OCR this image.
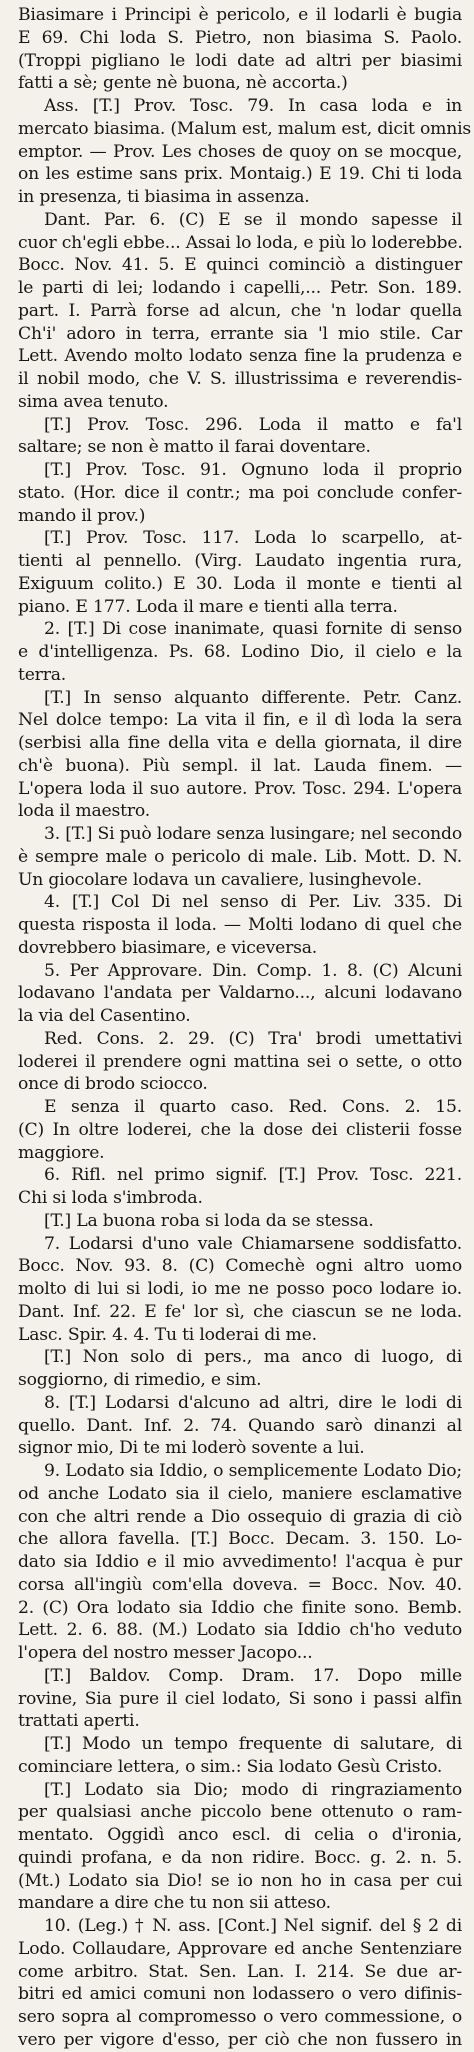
Biasimare i Principi è pericolo, e il lodarli è bugia
E 69. Chi loda S. Pietro, non biasima S. Paolo.
(Troppi pigliano le lodi date ad altri per biasimi
fatti a sè; gente nè buona, nè accorta.)
Ass. [T.] Prov. Tosc. 79. In casa loda e in
mercato biasima. (Malum est, malum est, dicit omnis
emptor. — Prov. Les choses de quoy on se mocque,
on les estime sans prix. Montaig.) E 19. Chi ti loda
in presenza, ti biasima in assenza.
Dant. Par. 6. (C) E se il mondo sapesse il
cuor ch'egli ebbe... Assai lo loda, e più lo loderebbe.
Bocc. Nov. 41. 5. E quinci cominciò a distinguer
le parti di lei; lodando i capelli,... Petr. Son. 189.
part. I. Parrà forse ad alcun, che 'n lodar quella
Ch'i' adoro in terra, errante sia 'l mio stile. Car
Lett. Avendo molto lodato senza fine la prudenza e
il nobil modo, che V. S. illustrissima e reverendis-
sima avea tenuto.
[T.] Prov. Tosc. 296. Loda il matto e fa'l
saltare; se non è matto il farai doventare.
[T.] Prov. Tosc. 91. Ognuno loda il proprio
stato. (Hor. dice il contr.; ma poi conclude confer-
mando il prov.)
[T.] Prov. Tosc. 117. Loda lo scarpello, at-
tienti al pennello. (Virg. Laudato ingentia rura,
Exiguum colito.) E 30. Loda il monte e tienti al
piano. E 177. Loda il mare e tienti alla terra.
2. [T.] Di cose inanimate, quasi fornite di senso
e d'intelligenza. Ps. 68. Lodino Dio, il cielo e la
terra.
[T.] In senso alquanto differente. Petr. Canz.
Nel dolce tempo: La vita il fin, e il dì loda la sera
(serbisi alla fine della vita e della giornata, il dire
ch'è buona). Più sempl. il lat. Lauda finem. —
L'opera loda il suo autore. Prov. Tosc. 294. L'opera
loda il maestro.
3. [T.] Si può lodare senza lusingare; nel secondo
è sempre male o pericolo di male. Lib. Mott. D. N.
Un giocolare lodava un cavaliere, lusinghevole.
4. [T.] Col Di nel senso di Per. Liv. 335. Di
questa risposta il loda. — Molti lodano di quel che
dovrebbero biasimare, e viceversa.
5. Per Approvare. Din. Comp. 1. 8. (C) Alcuni
lodavano l'andata per Valdarno..., alcuni lodavano
la via del Casentino.
Red. Cons. 2. 29. (C) Tra' brodi umettativi
loderei il prendere ogni mattina sei o sette, o otto
once di brodo sciocco.
E senza il quarto caso. Red. Cons. 2. 15.
(C) In oltre loderei, che la dose dei clisterii fosse
maggiore.
6. Rifl. nel primo signif. [T.] Prov. Tosc. 221.
Chi si loda s'imbroda.
[T.] La buona roba si loda da se stessa.
7. Lodarsi d'uno vale Chiamarsene soddisfatto.
Bocc. Nov. 93. 8. (C) Comechè ogni altro uomo
molto di lui si lodi, io me ne posso poco lodare io.
Dant. Inf. 22. E fe' lor sì, che ciascun se ne loda.
Lasc. Spir. 4. 4. Tu ti loderai di me.
[T.] Non solo di pers., ma anco di luogo, di
soggiorno, di rimedio, e sim.
8. [T.] Lodarsi d'alcuno ad altri, dire le lodi di
quello. Dant. Inf. 2. 74. Quando sarò dinanzi al
signor mio, Di te mi loderò sovente a lui.
9. Lodato sia Iddio, o semplicemente Lodato Dio;
od anche Lodato sia il cielo, maniere esclamative
con che altri rende a Dio ossequio di grazia di ciò
che allora favella. [T.] Bocc. Decam. 3. 150. Lo-
dato sia Iddio e il mio avvedimento! l'acqua è pur
corsa all'ingiù com'ella doveva. = Bocc. Nov. 40.
2. (C) Ora lodato sia Iddio che finite sono. Bemb.
Lett. 2. 6. 88. (M.) Lodato sia Iddio ch'ho veduto
l'opera del nostro messer Jacopo...
[T.] Baldov. Comp. Dram. 17. Dopo mille
rovine, Sia pure il ciel lodato, Si sono i passi alfin
trattati aperti.
[T.] Modo un tempo frequente di salutare, di
cominciare lettera, o sim.: Sia lodato Gesù Cristo.
[T.] Lodato sia Dio; modo di ringraziamento
per qualsiasi anche piccolo bene ottenuto o ram-
mentato. Oggidì anco escl. di celia o d'ironia,
quindi profana, e da non ridire. Bocc. g. 2. n. 5.
(Mt.) Lodato sia Dio! se io non ho in casa per cui
mandare a dire che tu non sii atteso.
10. (Leg.) † N. ass. [Cont.] Nel signif. del § 2 di
Lodo. Collaudare, Approvare ed anche Sentenziare
come arbitro. Stat. Sen. Lan. I. 214. Se due ar-
bitri ed amici comuni non lodassero o vero difinis-
sero sopra al compromesso o vero commessione, o
vero per vigore d'esso, per ciò che non fussero in
